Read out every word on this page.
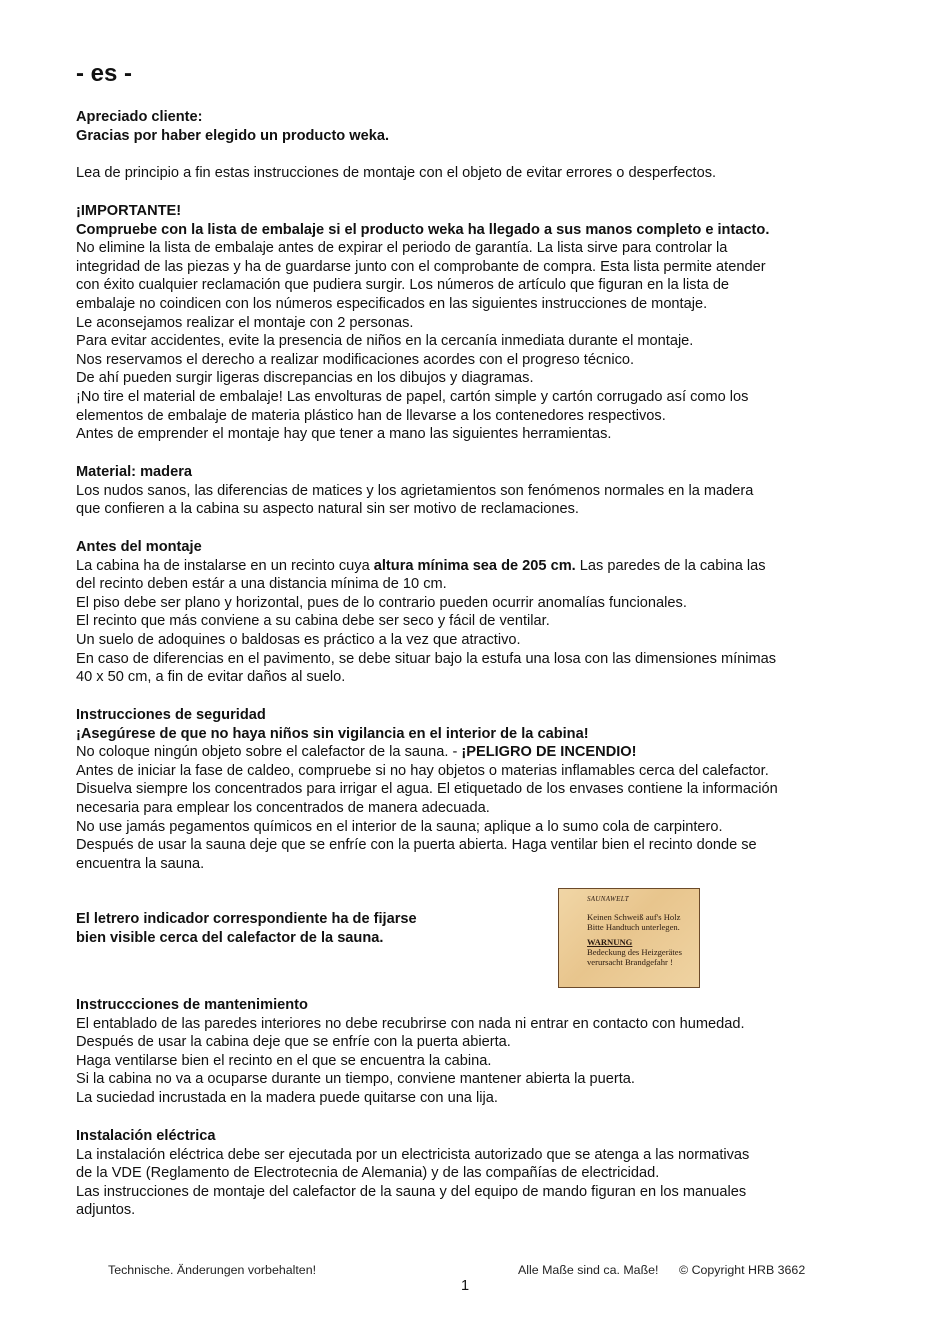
- es -

Apreciado cliente:

Gracias por haber elegido un producto weka.

Lea de principio a fin estas instrucciones de montaje con el objeto de evitar errores o desperfectos.

¡IMPORTANTE!

Compruebe con la lista de embalaje si el producto weka ha llegado a sus manos completo e intacto.

No elimine la lista de embalaje antes de expirar el periodo de garantía. La lista sirve para controlar la

integridad de las piezas y ha de guardarse junto con el comprobante de compra. Esta lista permite atender

con éxito cualquier reclamación que pudiera surgir. Los números de artículo que figuran en la lista de

embalaje no coindicen con los números especificados en las siguientes instrucciones de montaje.

Le aconsejamos realizar el montaje con 2 personas.

Para evitar accidentes, evite la presencia de niños en la cercanía inmediata durante el montaje.

Nos reservamos el derecho a realizar modificaciones acordes con el progreso técnico.

De ahí pueden surgir ligeras discrepancias en los dibujos y diagramas.

¡No tire el material de embalaje! Las envolturas de papel, cartón simple y cartón corrugado así como los

elementos de embalaje de materia plástico han de llevarse a los contenedores respectivos.

Antes de emprender el montaje hay que tener a mano las siguientes herramientas.

Material: madera

Los nudos sanos, las diferencias de matices y los agrietamientos son fenómenos normales en la madera

que confieren a la cabina su aspecto natural sin ser motivo de reclamaciones.

Antes del montaje

La cabina ha de instalarse en un recinto cuya altura mínima sea de 205 cm. Las paredes de la cabina las

del recinto deben estár a una distancia mínima de 10 cm.

El piso debe ser plano y horizontal, pues de lo contrario pueden ocurrir anomalías funcionales.

El recinto que más conviene a su cabina debe ser seco y fácil de ventilar.

Un suelo de adoquines o baldosas es práctico a la vez que atractivo.

En caso de diferencias en el pavimento, se debe situar bajo la estufa una losa con las dimensiones mínimas

40 x 50 cm, a fin de evitar daños al suelo.

Instrucciones de seguridad

¡Asegúrese de que no haya niños sin vigilancia en el interior de la cabina!

No coloque ningún objeto sobre el calefactor de la sauna. - ¡PELIGRO DE INCENDIO!

Antes de iniciar la fase de caldeo, compruebe si no hay objetos o materias inflamables cerca del calefactor.

Disuelva siempre los concentrados para irrigar el agua. El etiquetado de los envases contiene la información

necesaria para emplear los concentrados de manera adecuada.

No use jamás pegamentos químicos en el interior de la sauna; aplique a lo sumo cola de carpintero.

Después de usar la sauna deje que se enfríe con la puerta abierta. Haga ventilar bien el recinto donde se

encuentra la sauna.

El letrero indicador correspondiente ha de fijarse

bien visible cerca del calefactor de la sauna.

SAUNAWELT
Keinen Schweiß auf's Holz
Bitte Handtuch unterlegen.
WARNUNG
Bedeckung des Heizgerätes
verursacht Brandgefahr !

Instruccciones de mantenimiento

El entablado de las paredes interiores no debe recubrirse con nada ni entrar en contacto con humedad.

Después de usar la cabina deje que se enfríe con la puerta abierta.

Haga ventilarse bien el recinto en el que se encuentra la cabina.

Si la cabina no va a ocuparse durante un tiempo, conviene mantener abierta la puerta.

La suciedad incrustada en la madera puede quitarse con una lija.

Instalación eléctrica

La instalación eléctrica debe ser ejecutada por un electricista autorizado que se atenga a las normativas

de la VDE (Reglamento de Electrotecnia de Alemania) y de las compañías de electricidad.

Las instrucciones de montaje del calefactor de la sauna y del equipo de mando figuran en los manuales

adjuntos.

Technische. Änderungen vorbehalten!	Alle Maße sind ca. Maße! © Copyright HRB 3662
1
